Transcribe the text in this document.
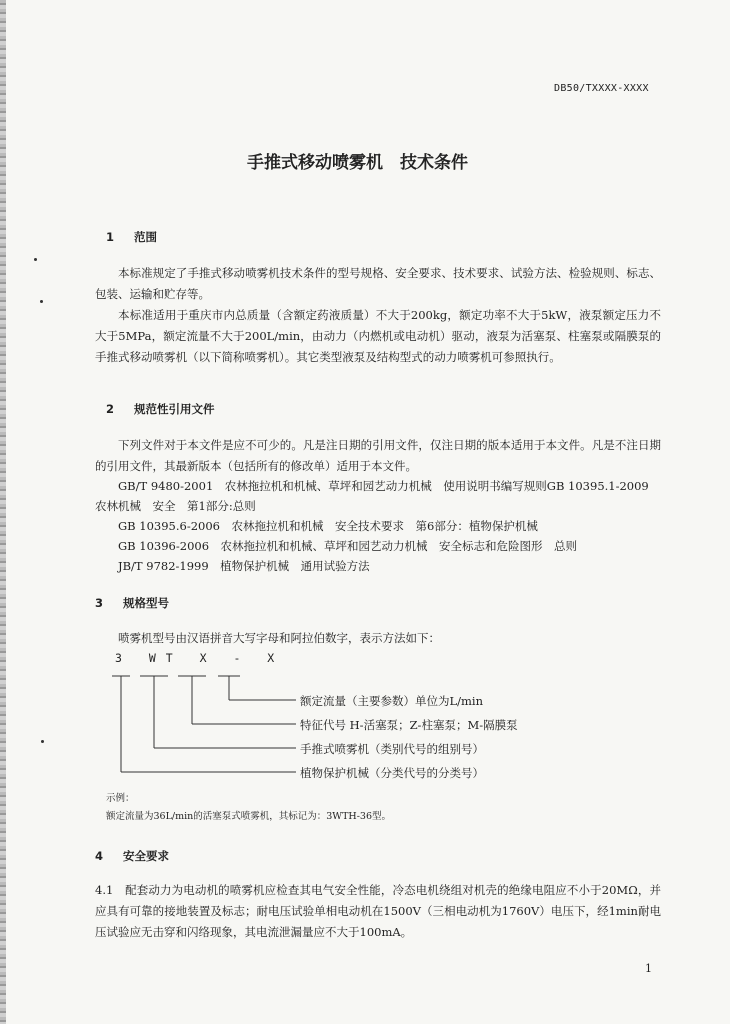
DB50/TXXXX-XXXX
手推式移动喷雾机　技术条件
1 范围

本标准规定了手推式移动喷雾机技术条件的型号规格、安全要求、技术要求、试验方法、检验规则、标志、包装、运输和贮存等。

本标准适用于重庆市内总质量（含额定药液质量）不大于200kg，额定功率不大于5kW，液泵额定压力不大于5MPa，额定流量不大于200L/min，由动力（内燃机或电动机）驱动，液泵为活塞泵、柱塞泵或隔膜泵的手推式移动喷雾机（以下简称喷雾机）。其它类型液泵及结构型式的动力喷雾机可参照执行。

2 规范性引用文件

下列文件对于本文件是应不可少的。凡是注日期的引用文件，仅注日期的版本适用于本文件。凡是不注日期的引用文件，其最新版本（包括所有的修改单）适用于本文件。

GB/T 9480-2001　农林拖拉机和机械、草坪和园艺动力机械　使用说明书编写规则GB 10395.1-2009
农林机械　安全　第1部分:总则
GB 10395.6-2006　农林拖拉机和机械　安全技术要求　第6部分：植物保护机械
GB 10396-2006　农林拖拉机和机械、草坪和园艺动力机械　安全标志和危险图形　总则
JB/T 9782-1999　植物保护机械　通用试验方法
3 规格型号
喷雾机型号由汉语拼音大写字母和阿拉伯数字，表示方法如下：
3 WT X - X
额定流量（主要参数）单位为L/min
特征代号 H-活塞泵；Z-柱塞泵；M-隔膜泵
手推式喷雾机（类别代号的组别号）
植物保护机械（分类代号的分类号）
示例：
额定流量为36L/min的活塞泵式喷雾机，其标记为：3WTH-36型。
4 安全要求

4.1　 配套动力为电动机的喷雾机应检查其电气安全性能，冷态电机绕组对机壳的绝缘电阻应不小于20MΩ，并应具有可靠的接地装置及标志；耐电压试验单相电动机在1500V（三相电动机为1760V）电压下，经1min耐电压试验应无击穿和闪络现象，其电流泄漏量应不大于100mA。

1
